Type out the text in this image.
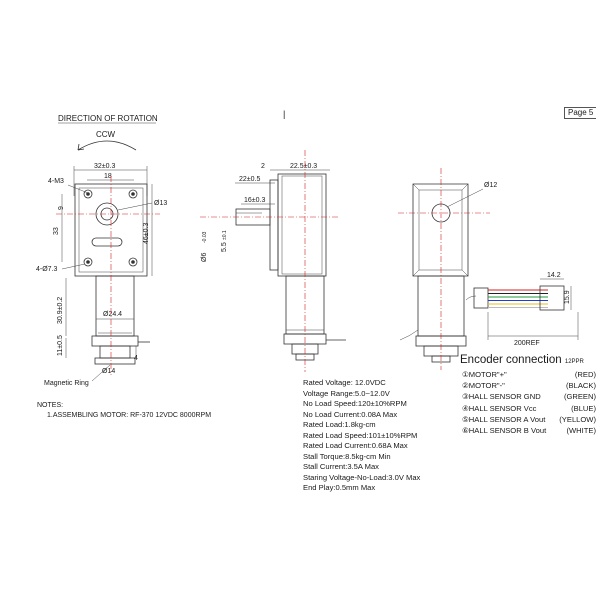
Page 5
DIRECTION OF ROTATION
CCW
32±0.3
18
4-M3
9
Ø13
33	46±0.3
4-Ø7.3
Ø24.4
30.9±0.2
11±0.5
4
Ø14
Magnetic Ring
2	22.5±0.3
22±0.5
16±0.3
Ø6
-0.03
5.5
±0.1
Ø12
14.2
15.9
200REF
|
NOTES:
1.ASSEMBLING MOTOR: RF-370 12VDC 8000RPM
Rated Voltage: 12.0VDC
Voltage Range:5.0~12.0V
No Load Speed:120±10%RPM
No Load Current:0.08A Max
Rated Load:1.8kg-cm
Rated Load Speed:101±10%RPM
Rated Load Current:0.68A Max
Stall Torque:8.5kg-cm Min
Stall Current:3.5A Max
Staring Voltage-No-Load:3.0V Max
End Play:0.5mm Max
Encoder connection 12PPR
①MOTOR"+"	(RED)
②MOTOR"-"	(BLACK)
③HALL SENSOR GND	(GREEN)
④HALL SENSOR Vcc	(BLUE)
⑤HALL SENSOR A Vout (YELLOW)
⑥HALL SENSOR B Vout	(WHITE)
